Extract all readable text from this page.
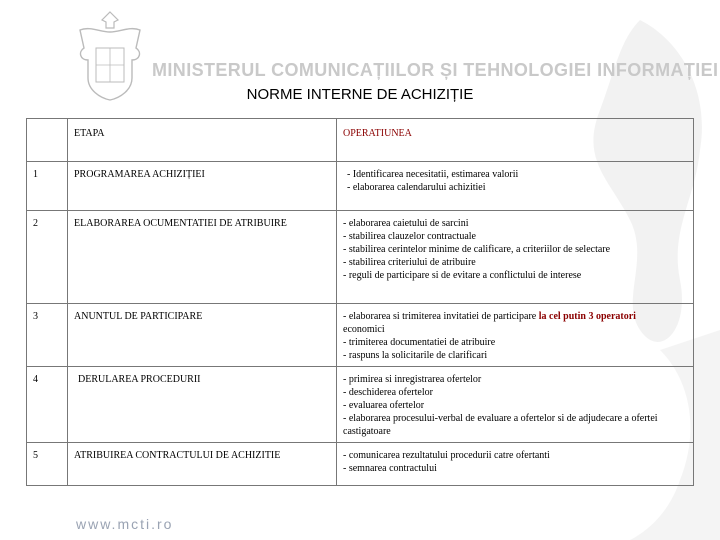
MINISTERUL COMUNICAȚIILOR ȘI TEHNOLOGIEI INFORMAȚIEI
NORME INTERNE DE ACHIZIȚIE
	ETAPA	OPERATIUNEA
1	PROGRAMAREA ACHIZIȚIEI	- Identificarea necesitatii, estimarea valorii

- elaborarea calendarului achizitiei

2	ELABORAREA OCUMENTATIEI DE ATRIBUIRE	- elaborarea caietului de sarcini

- stabilirea clauzelor contractuale

- stabilirea cerintelor minime de calificare, a criteriilor de selectare

- stabilirea criteriului de atribuire

- reguli de participare si de evitare a conflictului de interese

3	ANUNTUL DE PARTICIPARE	- elaborarea si trimiterea invitatiei de participare la cel putin 3 operatori

economici

- trimiterea documentatiei de atribuire

- raspuns la solicitarile de clarificari

4	DERULAREA PROCEDURII	- primirea si inregistrarea ofertelor

- deschiderea ofertelor

- evaluarea ofertelor

- elaborarea procesului-verbal de evaluare a ofertelor si de adjudecare a ofertei castigatoare

5	ATRIBUIREA CONTRACTULUI DE ACHIZITIE	- comunicarea rezultatului procedurii catre ofertanti

- semnarea contractului

www.mcti.ro
